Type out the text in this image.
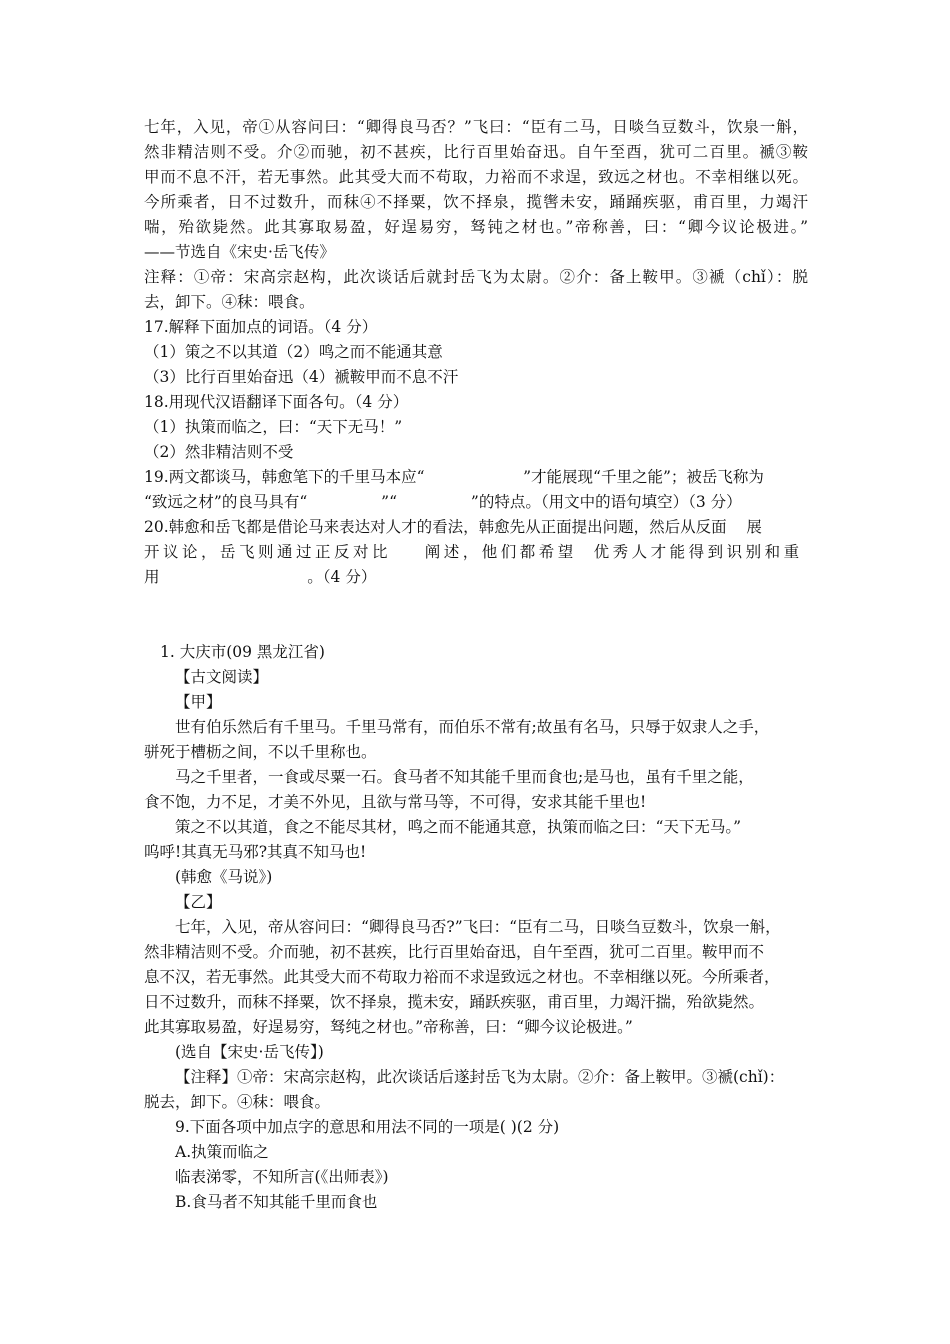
七年，入见，帝①从容问曰：“卿得良马否？”飞曰：“臣有二马，日啖刍豆数斗，饮泉一斛，
然非精洁则不受。介②而驰，初不甚疾，比行百里始奋迅。自午至酉，犹可二百里。褫③鞍
甲而不息不汗，若无事然。此其受大而不苟取，力裕而不求逞，致远之材也。不幸相继以死。
今所乘者，日不过数升，而秣④不择粟，饮不择泉，揽辔未安，踊踊疾驱，甫百里，力竭汗
喘，殆欲毙然。此其寡取易盈，好逞易穷，驽钝之材也。”帝称善，曰：“卿今议论极进。”
——节选自《宋史·岳飞传》
注释：①帝：宋高宗赵构，此次谈话后就封岳飞为太尉。②介：备上鞍甲。③褫（chǐ）：脱
去，卸下。④秣：喂食。
17.解释下面加点的词语。（4 分）
（1）策之不以其道（2）鸣之而不能通其意
（3）比行百里始奋迅（4）褫鞍甲而不息不汗
18.用现代汉语翻译下面各句。（4 分）
（1）执策而临之，曰：“天下无马！”
（2）然非精洁则不受
19.两文都谈马，韩愈笔下的千里马本应“                    ”才能展现“千里之能”；被岳飞称为
“致远之材”的良马具有“               ”“               ”的特点。（用文中的语句填空）（3 分）
20.韩愈和岳飞都是借论马来表达对人才的看法，韩愈先从正面提出问题，然后从反面    展
开议论，岳飞则通过正反对比    阐述，他们都希望  优秀人才能得到识别和重
用                              。（4 分）
1. 大庆市(09 黑龙江省)
【古文阅读】
【甲】
世有伯乐然后有千里马。千里马常有，而伯乐不常有;故虽有名马，只辱于奴隶人之手，
骈死于槽枥之间，不以千里称也。
马之千里者，一食或尽粟一石。食马者不知其能千里而食也;是马也，虽有千里之能，
食不饱，力不足，才美不外见，且欲与常马等，不可得，安求其能千里也!
策之不以其道，食之不能尽其材，鸣之而不能通其意，执策而临之曰：“天下无马。”
呜呼!其真无马邪?其真不知马也!
(韩愈《马说》)
【乙】
七年，入见，帝从容问曰：“卿得良马否?”飞曰：“臣有二马，日啖刍豆数斗，饮泉一斛，
然非精洁则不受。介而驰，初不甚疾，比行百里始奋迅，自午至酉，犹可二百里。鞍甲而不
息不汉，若无事然。此其受大而不苟取力裕而不求逞致远之材也。不幸相继以死。今所乘者，
日不过数升，而秣不择粟，饮不择泉，揽未安，踊跃疾驱，甫百里，力竭汗揣，殆欲毙然。
此其寡取易盈，好逞易穷，驽纯之材也。”帝称善，曰：“卿今议论极进。”
(选自【宋史·岳飞传】)
【注释】①帝：宋高宗赵构，此次谈话后遂封岳飞为太尉。②介：备上鞍甲。③褫(chǐ)：
脱去，卸下。④秣：喂食。
9.下面各项中加点字的意思和用法不同的一项是( )(2 分)
A.执策而临之
临表涕零，不知所言(《出师表》)
B.食马者不知其能千里而食也
